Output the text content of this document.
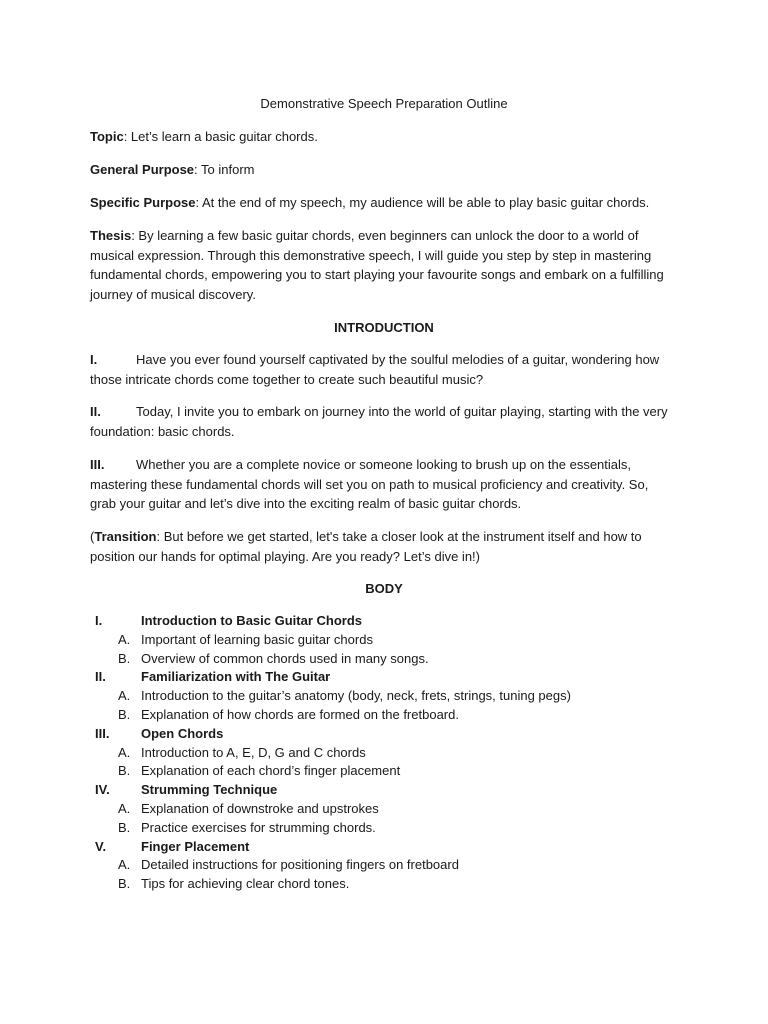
Demonstrative Speech Preparation Outline
Topic: Let’s learn a basic guitar chords.
General Purpose: To inform
Specific Purpose: At the end of my speech, my audience will be able to play basic guitar chords.
Thesis: By learning a few basic guitar chords, even beginners can unlock the door to a world of musical expression. Through this demonstrative speech, I will guide you step by step in mastering fundamental chords, empowering you to start playing your favourite songs and embark on a fulfilling journey of musical discovery.
INTRODUCTION
I.	Have you ever found yourself captivated by the soulful melodies of a guitar, wondering how those intricate chords come together to create such beautiful music?
II.	Today, I invite you to embark on journey into the world of guitar playing, starting with the very foundation: basic chords.
III. Whether you are a complete novice or someone looking to brush up on the essentials, mastering these fundamental chords will set you on path to musical proficiency and creativity. So, grab your guitar and let’s dive into the exciting realm of basic guitar chords.
(Transition: But before we get started, let's take a closer look at the instrument itself and how to position our hands for optimal playing. Are you ready? Let’s dive in!)
BODY
I.	Introduction to Basic Guitar Chords
A. Important of learning basic guitar chords
B. Overview of common chords used in many songs.
II.	Familiarization with The Guitar
A. Introduction to the guitar’s anatomy (body, neck, frets, strings, tuning pegs)
B. Explanation of how chords are formed on the fretboard.
III. Open Chords
A. Introduction to A, E, D, G and C chords
B. Explanation of each chord’s finger placement
IV. Strumming Technique
A. Explanation of downstroke and upstrokes
B. Practice exercises for strumming chords.
V.	Finger Placement
A. Detailed instructions for positioning fingers on fretboard
B. Tips for achieving clear chord tones.
